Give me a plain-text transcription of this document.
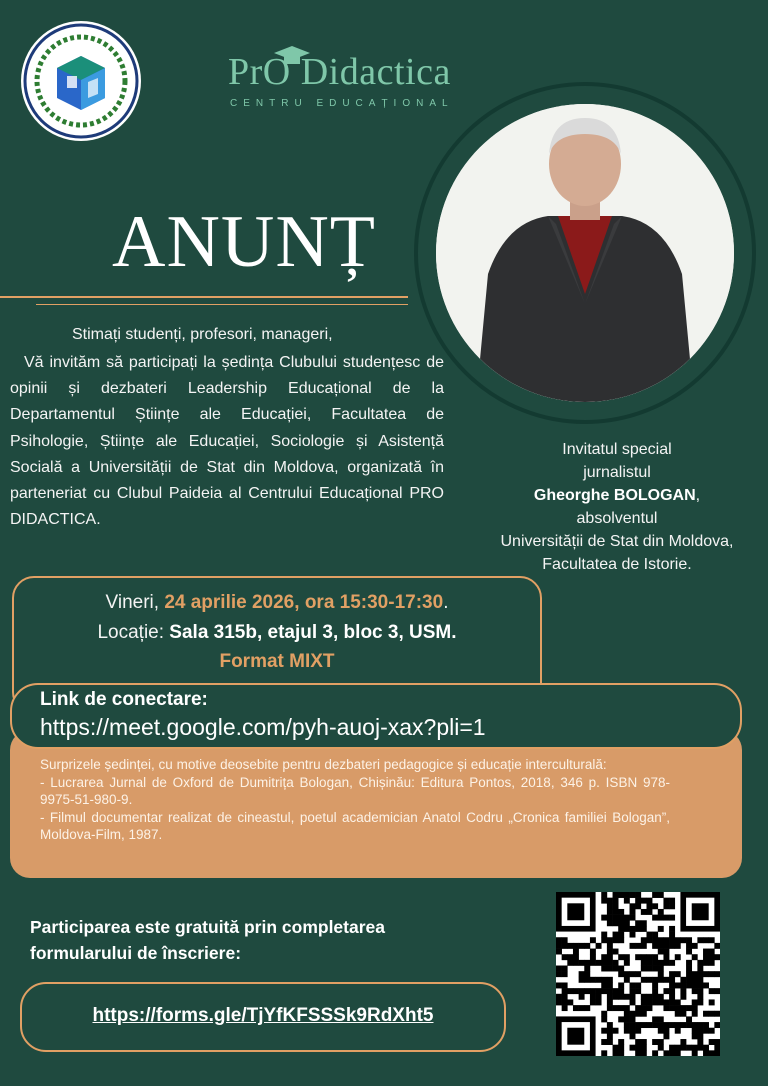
PrO Didactica
CENTRU EDUCAȚIONAL
ANUNȚ
Stimați studenți, profesori, manageri,
Vă invităm să participați la ședința Clubului studențesc de opinii și dezbateri Leadership Educațional de la Departamentul Științe ale Educației, Facultatea de Psihologie, Științe ale Educației, Sociologie și Asistență Socială a Universității de Stat din Moldova, organizată în parteneriat cu Clubul Paideia al Centrului Educațional PRO DIDACTICA.
Invitatul special
jurnalistul
Gheorghe BOLOGAN,
absolventul
Universității de Stat din Moldova,
Facultatea de Istorie.
Vineri, 24 aprilie 2026, ora 15:30-17:30.
Locație: Sala 315b, etajul 3, bloc 3, USM.
Format MIXT
Surprizele ședinței, cu motive deosebite pentru dezbateri pedagogice și educație interculturală:
- Lucrarea Jurnal de Oxford de Dumitrița Bologan, Chișinău: Editura Pontos, 2018, 346 p. ISBN 978-9975-51-980-9.
- Filmul documentar realizat de cineastul, poetul academician Anatol Codru „Cronica familiei Bologan”, Moldova-Film, 1987.
Link de conectare:
https://meet.google.com/pyh-auoj-xax?pli=1
Participarea este gratuită prin completarea
formularului de înscriere:
https://forms.gle/TjYfKFSSSk9RdXht5
